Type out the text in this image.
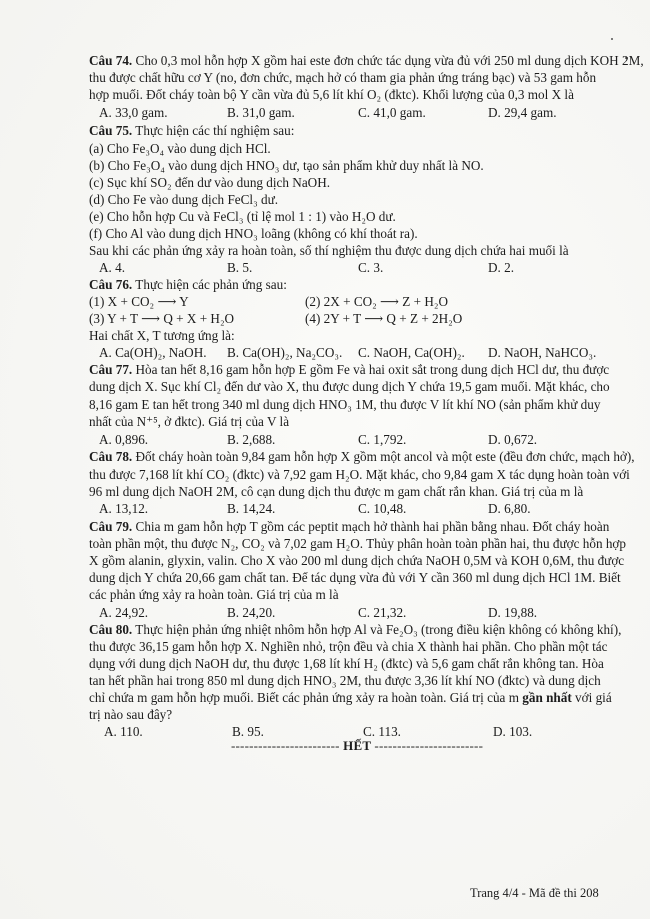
Câu 74. Cho 0,3 mol hỗn hợp X gồm hai este đơn chức tác dụng vừa đủ với 250 ml dung dịch KOH 2M,

thu được chất hữu cơ Y (no, đơn chức, mạch hở có tham gia phản ứng tráng bạc) và 53 gam hỗn

hợp muối. Đốt cháy toàn bộ Y cần vừa đủ 5,6 lít khí O₂ (đktc). Khối lượng của 0,3 mol X là

A. 33,0 gam.	B. 31,0 gam.	C. 41,0 gam.	D. 29,4 gam.

Câu 75. Thực hiện các thí nghiệm sau:

(a) Cho Fe₃O₄ vào dung dịch HCl.

(b) Cho Fe₃O₄ vào dung dịch HNO₃ dư, tạo sản phẩm khử duy nhất là NO.

(c) Sục khí SO₂ đến dư vào dung dịch NaOH.

(d) Cho Fe vào dung dịch FeCl₃ dư.

(e) Cho hỗn hợp Cu và FeCl₃ (tỉ lệ mol 1 : 1) vào H₂O dư.

(f) Cho Al vào dung dịch HNO₃ loãng (không có khí thoát ra).

Sau khi các phản ứng xảy ra hoàn toàn, số thí nghiệm thu được dung dịch chứa hai muối là

A. 4.	B. 5.	C. 3.	D. 2.

Câu 76. Thực hiện các phản ứng sau:

(1) X + CO₂ ⟶ Y	(2) 2X + CO₂ ⟶ Z + H₂O

(3) Y + T ⟶ Q + X + H₂O	(4) 2Y + T ⟶ Q + Z + 2H₂O

Hai chất X, T tương ứng là:

A. Ca(OH)₂, NaOH. B. Ca(OH)₂, Na₂CO₃. C. NaOH, Ca(OH)₂. D. NaOH, NaHCO₃.

Câu 77. Hòa tan hết 8,16 gam hỗn hợp E gồm Fe và hai oxit sắt trong dung dịch HCl dư, thu được

dung dịch X. Sục khí Cl₂ đến dư vào X, thu được dung dịch Y chứa 19,5 gam muối. Mặt khác, cho

8,16 gam E tan hết trong 340 ml dung dịch HNO₃ 1M, thu được V lít khí NO (sản phẩm khử duy

nhất của N⁺⁵, ở đktc). Giá trị của V là

A. 0,896.	B. 2,688.	C. 1,792.	D. 0,672.

Câu 78. Đốt cháy hoàn toàn 9,84 gam hỗn hợp X gồm một ancol và một este (đều đơn chức, mạch hở),

thu được 7,168 lít khí CO₂ (đktc) và 7,92 gam H₂O. Mặt khác, cho 9,84 gam X tác dụng hoàn toàn với

96 ml dung dịch NaOH 2M, cô cạn dung dịch thu được m gam chất rắn khan. Giá trị của m là

A. 13,12.	B. 14,24.	C. 10,48.	D. 6,80.

Câu 79. Chia m gam hỗn hợp T gồm các peptit mạch hở thành hai phần bằng nhau. Đốt cháy hoàn

toàn phần một, thu được N₂, CO₂ và 7,02 gam H₂O. Thủy phân hoàn toàn phần hai, thu được hỗn hợp

X gồm alanin, glyxin, valin. Cho X vào 200 ml dung dịch chứa NaOH 0,5M và KOH 0,6M, thu được

dung dịch Y chứa 20,66 gam chất tan. Để tác dụng vừa đủ với Y cần 360 ml dung dịch HCl 1M. Biết

các phản ứng xảy ra hoàn toàn. Giá trị của m là

A. 24,92.	B. 24,20.	C. 21,32.	D. 19,88.

Câu 80. Thực hiện phản ứng nhiệt nhôm hỗn hợp Al và Fe₂O₃ (trong điều kiện không có không khí),

thu được 36,15 gam hỗn hợp X. Nghiền nhỏ, trộn đều và chia X thành hai phần. Cho phần một tác

dụng với dung dịch NaOH dư, thu được 1,68 lít khí H₂ (đktc) và 5,6 gam chất rắn không tan. Hòa

tan hết phần hai trong 850 ml dung dịch HNO₃ 2M, thu được 3,36 lít khí NO (đktc) và dung dịch

chỉ chứa m gam hỗn hợp muối. Biết các phản ứng xảy ra hoàn toàn. Giá trị của m gần nhất với giá

trị nào sau đây?

A. 110.	B. 95.	C. 113.	D. 103.
------------------------ HẾT ------------------------
Trang 4/4 - Mã đề thi 208
